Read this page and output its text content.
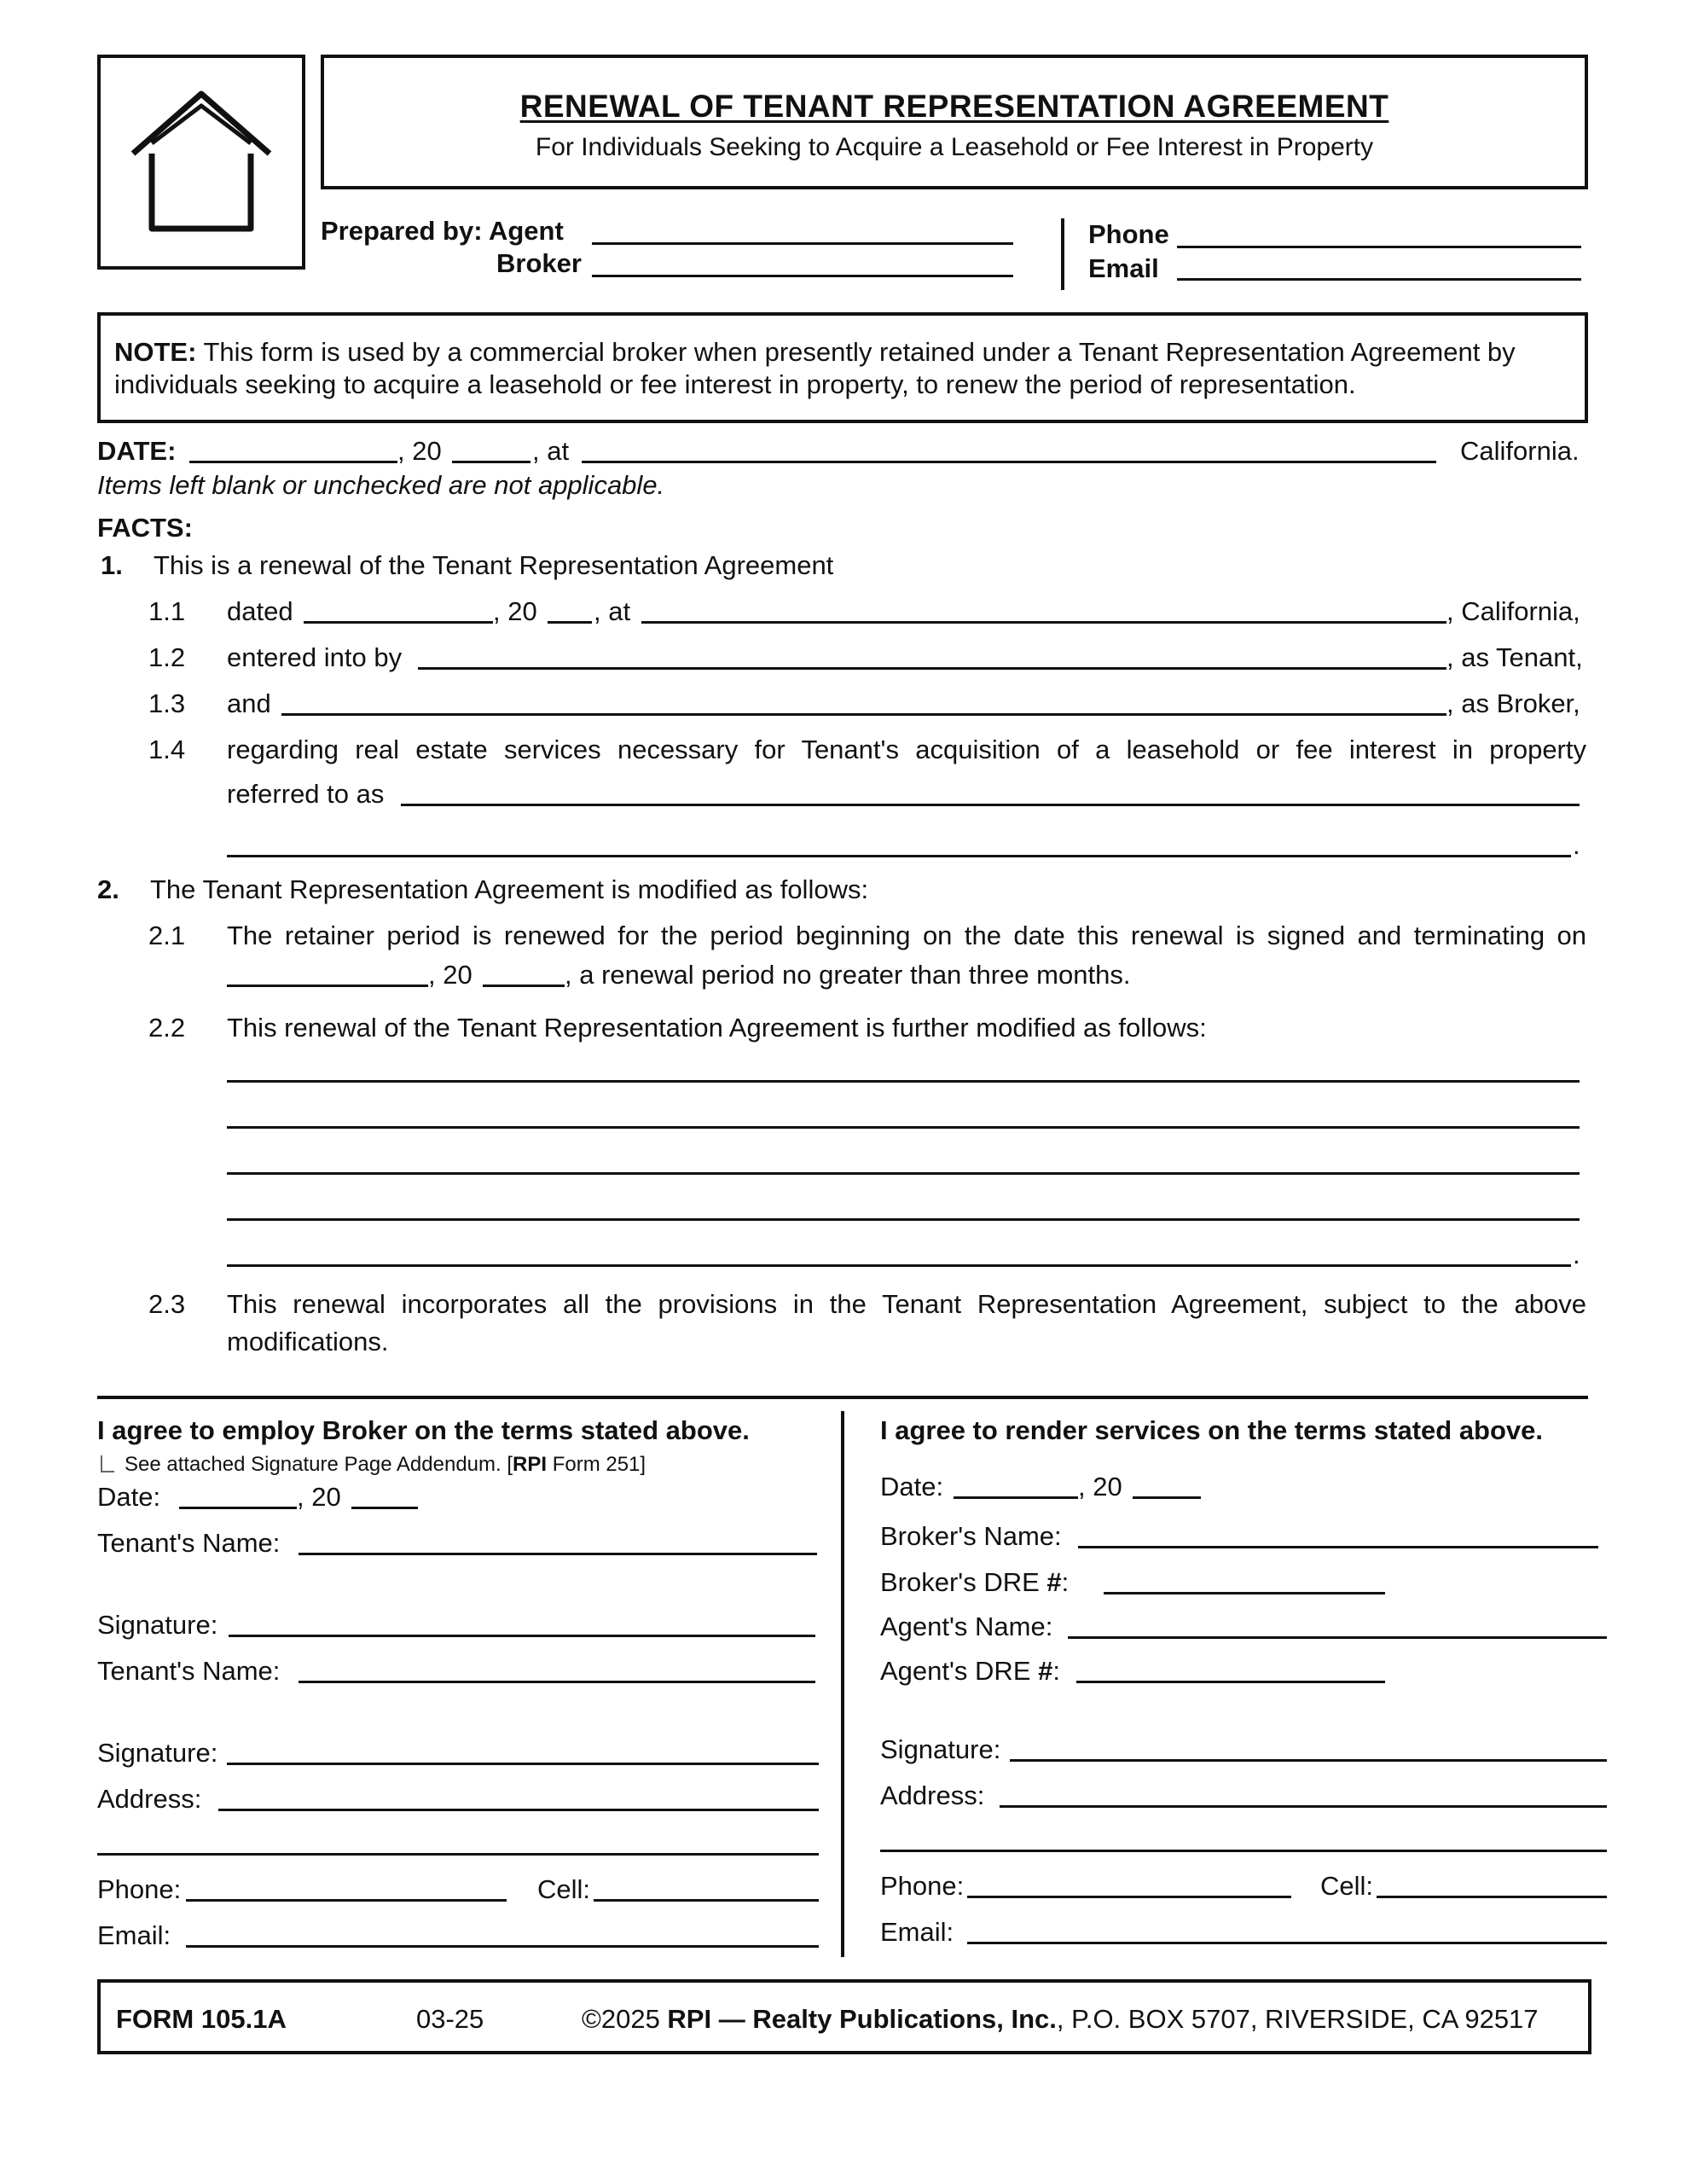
RENEWAL OF TENANT REPRESENTATION AGREEMENT
For Individuals Seeking to Acquire a Leasehold or Fee Interest in Property
Prepared by: Agent
Broker
Phone
Email
NOTE: This form is used by a commercial broker when presently retained under a Tenant Representation Agreement by individuals seeking to acquire a leasehold or fee interest in property, to renew the period of representation.
DATE:	, 20	, at	California.
Items left blank or unchecked are not applicable.
FACTS:
1. This is a renewal of the Tenant Representation Agreement
1.1 dated	, 20 , at	, California,
1.2 entered into by	, as Tenant,
1.3 and	, as Broker,
1.4 regarding real estate services necessary for Tenant's acquisition of a leasehold or fee interest in property
referred to as
.
2. The Tenant Representation Agreement is modified as follows:
2.1 The retainer period is renewed for the period beginning on the date this renewal is signed and terminating on
, 20	, a renewal period no greater than three months.
2.2 This renewal of the Tenant Representation Agreement is further modified as follows:
.
2.3 This renewal incorporates all the provisions in the Tenant Representation Agreement, subject to the above
modifications.
I agree to employ Broker on the terms stated above.
See attached Signature Page Addendum. [RPI Form 251]
Date:	, 20
Tenant's Name:
Signature:
Tenant's Name:
Signature:
Address:
Phone:	Cell:
Email:
I agree to render services on the terms stated above.
Date:	, 20
Broker's Name:
Broker's DRE #:
Agent's Name:
Agent's DRE #:
Signature:
Address:
Phone:	Cell:
Email:
FORM 105.1A	03-25	©2025 RPI — Realty Publications, Inc., P.O. BOX 5707, RIVERSIDE, CA 92517
